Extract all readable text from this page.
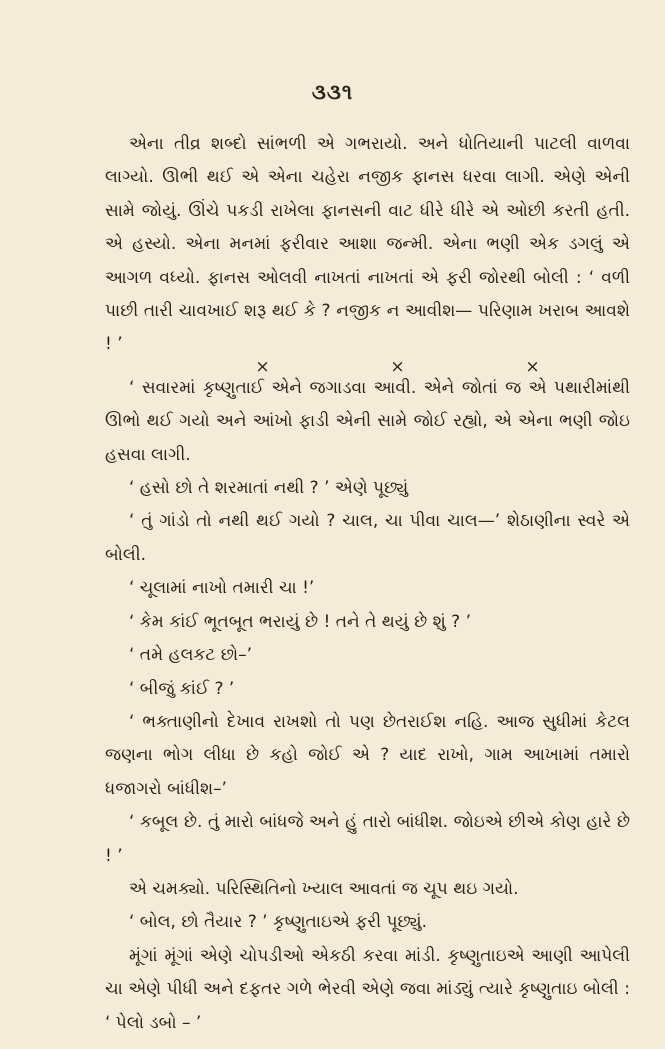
૩૩૧

એના તીવ્ર શબ્દો સાંભળી એ ગભરાયો. અને ધોતિયાની પાટલી વાળવા લાગ્યો. ઊભી થઈ એ એના ચહેરા નજીક ફાનસ ધરવા લાગી. એણે એની સામે જોયું. ઊંચે પકડી રાખેલા ફાનસની વાટ ધીરે ધીરે એ ઓછી કરતી હતી. એ હસ્યો. એના મનમાં ફરીવાર આશા જન્મી. એના ભણી એક ડગલું એ આગળ વધ્યો. ફાનસ ઓલવી નાખતાં નાખતાં એ ફરી જોરથી બોલી : ‘ વળી પાછી તારી ચાવખાઈ શરૂ થઈ કે ? નજીક ન આવીશ— પરિણામ ખરાબ આવશે ! ’

×	×	×

‘ સવારમાં કૃષ્ણુતાઈ એને જગાડવા આવી. એને જોતાં જ એ પથારીમાંથી ઊભો થઈ ગયો અને આંખો ફાડી એની સામે જોઈ રહ્યો, એ એના ભણી જોઇ હસવા લાગી.

‘ હસો છો તે શરમાતાં નથી ? ’ એણે પૂછ્યું

‘ તું ગાંડો તો નથી થઈ ગયો ? ચાલ, ચા પીવા ચાલ—’ શેઠાણીના સ્વરે એ બોલી.

‘ ચૂલામાં નાખો તમારી ચા !’

‘ કેમ કાંઈ ભૂતબૂત ભરાયું છે ! તને તે થયું છે શું ? ’

‘ તમે હલકટ છો–’

‘ બીજું કાંઈ ? ’

‘ ભક્તાણીનો દેખાવ રાખશો તો પણ છેતરાઈશ નહિ. આજ સુધીમાં કેટલ જણના ભોગ લીધા છે કહો જોઈ એ ? યાદ રાખો, ગામ આખામાં તમારો ધજાગરો બાંધીશ–’

‘ કબૂલ છે. તું મારો બાંધજે અને હું તારો બાંધીશ. જોઇએ છીએ કોણ હારે છે ! ’

એ ચમક્યો. પરિસ્થિતિનો ખ્યાલ આવતાં જ ચૂપ થઇ ગયો.

‘ બોલ, છો તૈયાર ? ’ કૃષ્ણુતાઇએ ફરી પૂછ્યું.

મૂંગાં મૂંગાં એણે ચોપડીઓ એકઠી કરવા માંડી. કૃષ્ણુતાઇએ આણી આપેલી ચા એણે પીધી અને દફતર ગળે ભેરવી એણે જવા માંડ્યું ત્યારે કૃષ્ણુતાઇ બોલી : ‘ પેલો ડબો – ’
